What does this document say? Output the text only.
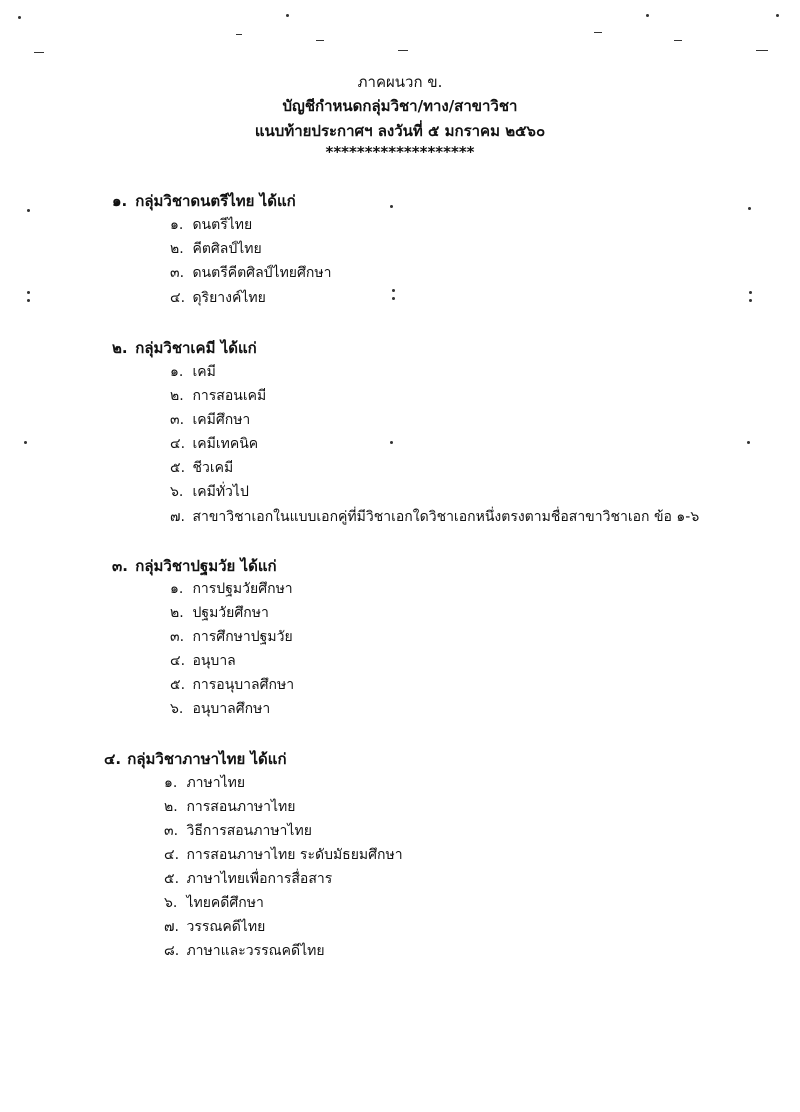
ภาคผนวก ข.
บัญชีกำหนดกลุ่มวิชา/ทาง/สาขาวิชา
แนบท้ายประกาศฯ ลงวันที่ ๕ มกราคม ๒๕๖๐
*******************
๑. กลุ่มวิชาดนตรีไทย ได้แก่
๑. ดนตรีไทย
๒. คีตศิลป์ไทย
๓. ดนตรีคีตศิลป์ไทยศึกษา
๔. ดุริยางค์ไทย
๒. กลุ่มวิชาเคมี ได้แก่
๑. เคมี
๒. การสอนเคมี
๓. เคมีศึกษา
๔. เคมีเทคนิค
๕. ชีวเคมี
๖. เคมีทั่วไป
๗. สาขาวิชาเอกในแบบเอกคู่ที่มีวิชาเอกใดวิชาเอกหนึ่งตรงตามชื่อสาขาวิชาเอก ข้อ ๑-๖
๓. กลุ่มวิชาปฐมวัย ได้แก่
๑. การปฐมวัยศึกษา
๒. ปฐมวัยศึกษา
๓. การศึกษาปฐมวัย
๔. อนุบาล
๕. การอนุบาลศึกษา
๖. อนุบาลศึกษา
๔. กลุ่มวิชาภาษาไทย ได้แก่
๑. ภาษาไทย
๒. การสอนภาษาไทย
๓. วิธีการสอนภาษาไทย
๔. การสอนภาษาไทย ระดับมัธยมศึกษา
๕. ภาษาไทยเพื่อการสื่อสาร
๖. ไทยคดีศึกษา
๗. วรรณคดีไทย
๘. ภาษาและวรรณคดีไทย
